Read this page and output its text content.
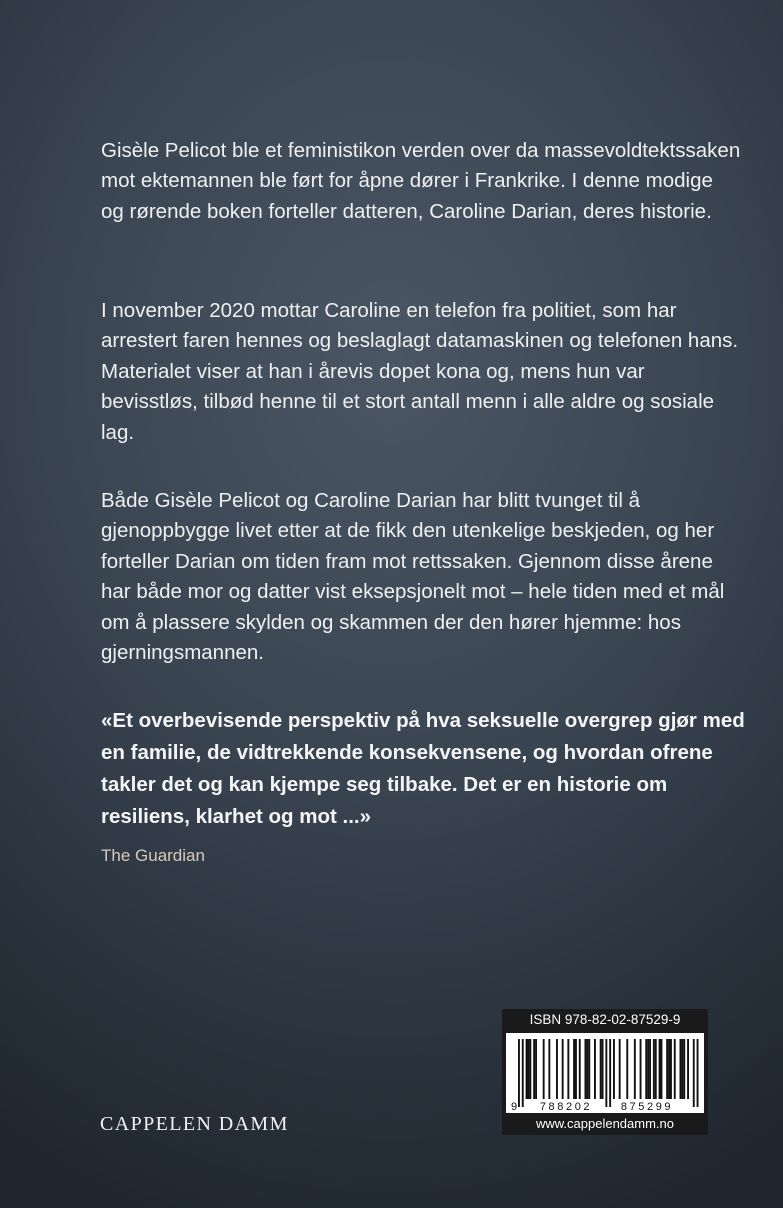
Gisèle Pelicot ble et feministikon verden over da massevoldtektssaken mot ektemannen ble ført for åpne dører i Frankrike. I denne modige og rørende boken forteller datteren, Caroline Darian, deres historie.

I november 2020 mottar Caroline en telefon fra politiet, som har arrestert faren hennes og beslaglagt datamaskinen og telefonen hans. Materialet viser at han i årevis dopet kona og, mens hun var bevisstløs, tilbød henne til et stort antall menn i alle aldre og sosiale lag.

Både Gisèle Pelicot og Caroline Darian har blitt tvunget til å gjenoppbygge livet etter at de fikk den utenkelige beskjeden, og her forteller Darian om tiden fram mot rettssaken. Gjennom disse årene har både mor og datter vist eksepsjonelt mot – hele tiden med et mål om å plassere skylden og skammen der den hører hjemme: hos gjerningsmannen.

«Et overbevisende perspektiv på hva seksuelle overgrep gjør med en familie, de vidtrekkende konsekvensene, og hvordan ofrene takler det og kan kjempe seg tilbake. Det er en historie om resiliens, klarhet og mot ...»
The Guardian
CAPPELEN DAMM
ISBN 978-82-02-87529-9
9 788202	875299
www.cappelendamm.no
